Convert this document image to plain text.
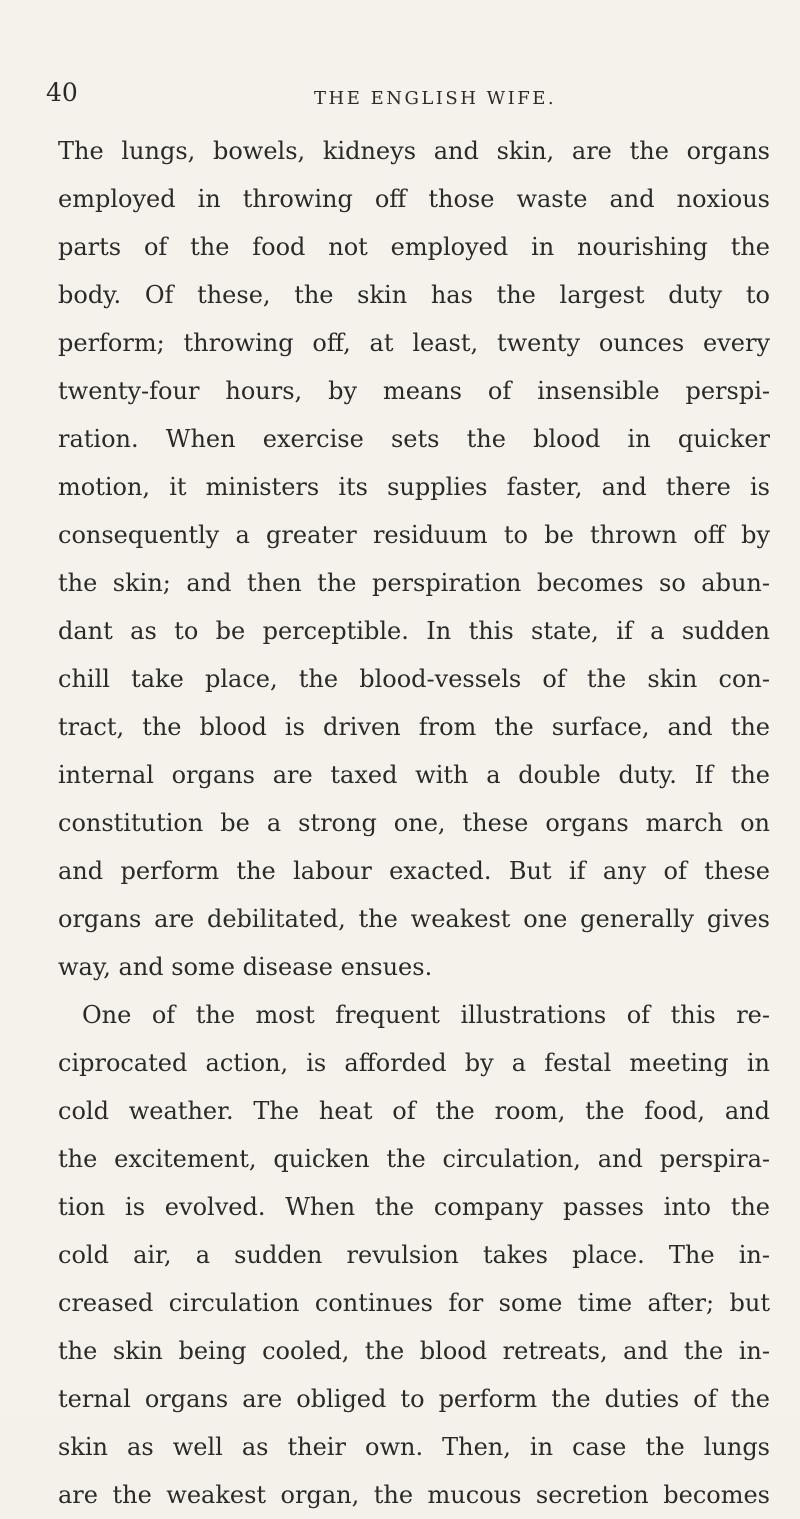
40	THE ENGLISH WIFE.
The lungs, bowels, kidneys and skin, are the organs
employed in throwing off those waste and noxious
parts of the food not employed in nourishing the
body. Of these, the skin has the largest duty to
perform; throwing off, at least, twenty ounces every
twenty-four hours, by means of insensible perspi-
ration. When exercise sets the blood in quicker
motion, it ministers its supplies faster, and there is
consequently a greater residuum to be thrown off by
the skin; and then the perspiration becomes so abun-
dant as to be perceptible. In this state, if a sudden
chill take place, the blood-vessels of the skin con-
tract, the blood is driven from the surface, and the
internal organs are taxed with a double duty. If the
constitution be a strong one, these organs march on
and perform the labour exacted. But if any of these
organs are debilitated, the weakest one generally gives
way, and some disease ensues.
One of the most frequent illustrations of this re-
ciprocated action, is afforded by a festal meeting in
cold weather. The heat of the room, the food, and
the excitement, quicken the circulation, and perspira-
tion is evolved. When the company passes into the
cold air, a sudden revulsion takes place. The in-
creased circulation continues for some time after; but
the skin being cooled, the blood retreats, and the in-
ternal organs are obliged to perform the duties of the
skin as well as their own. Then, in case the lungs
are the weakest organ, the mucous secretion becomes
